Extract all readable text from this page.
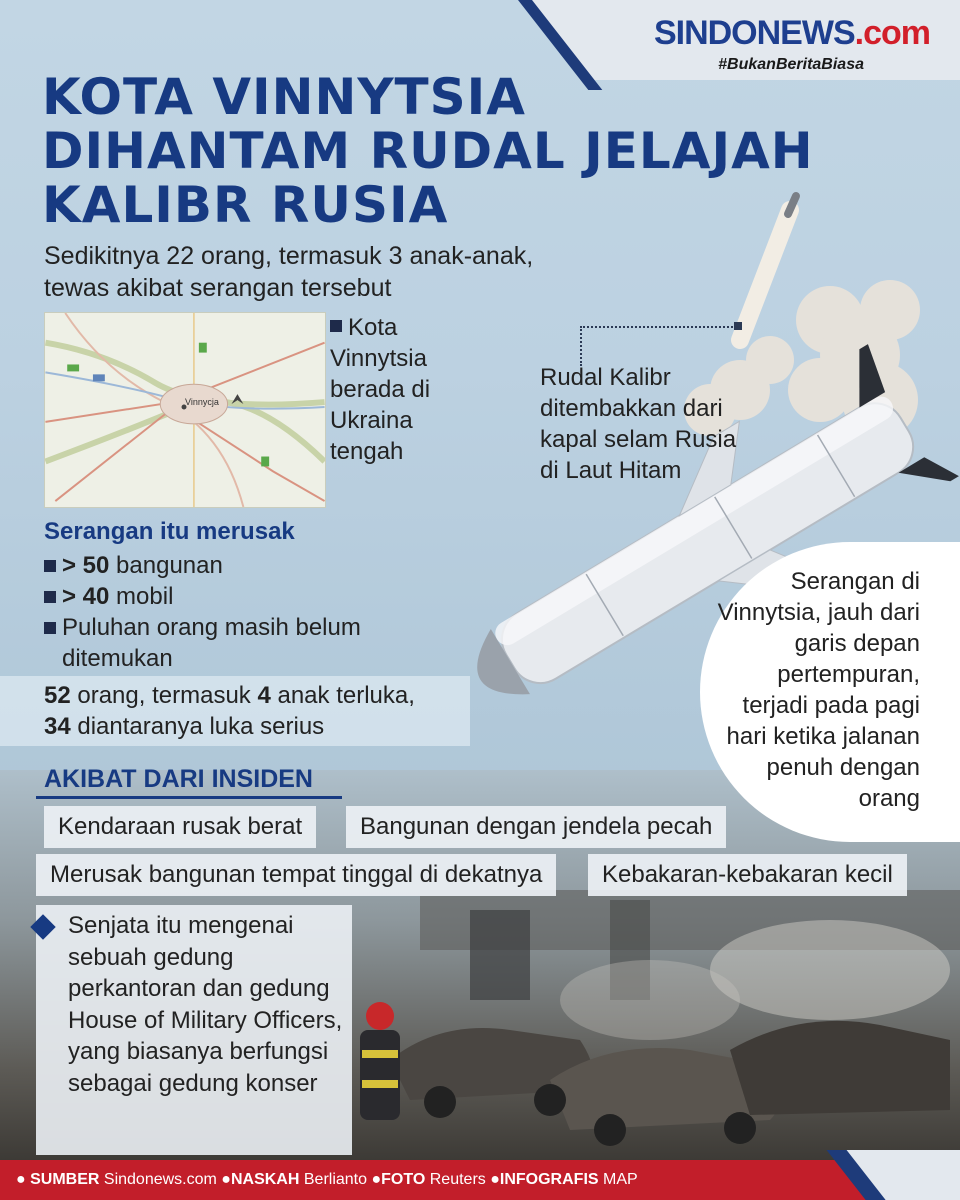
SINDONEWS.com
#BukanBeritaBiasa
KOTA VINNYTSIA
DIHANTAM RUDAL JELAJAH
KALIBR RUSIA
Sedikitnya 22 orang, termasuk 3 anak-anak, tewas akibat serangan tersebut
Vinnycja
Kota Vinnytsia berada di Ukraina tengah
Serangan itu merusak
> 50 bangunan
> 40 mobil
Puluhan orang masih belum ditemukan
52 orang, termasuk 4 anak terluka,
34 diantaranya luka serius
Rudal Kalibr ditembakkan dari kapal selam Rusia di Laut Hitam
Serangan di Vinnytsia, jauh dari garis depan pertempuran, terjadi pada pagi hari ketika jalanan penuh dengan orang
AKIBAT DARI INSIDEN
Kendaraan rusak berat	Bangunan dengan jendela pecah
Merusak bangunan tempat tinggal di dekatnya	Kebakaran-kebakaran kecil
Senjata itu mengenai sebuah gedung perkantoran dan gedung House of Military Officers, yang biasanya berfungsi sebagai gedung konser
● SUMBER Sindonews.com ●NASKAH Berlianto ●FOTO Reuters ●INFOGRAFIS MAP
